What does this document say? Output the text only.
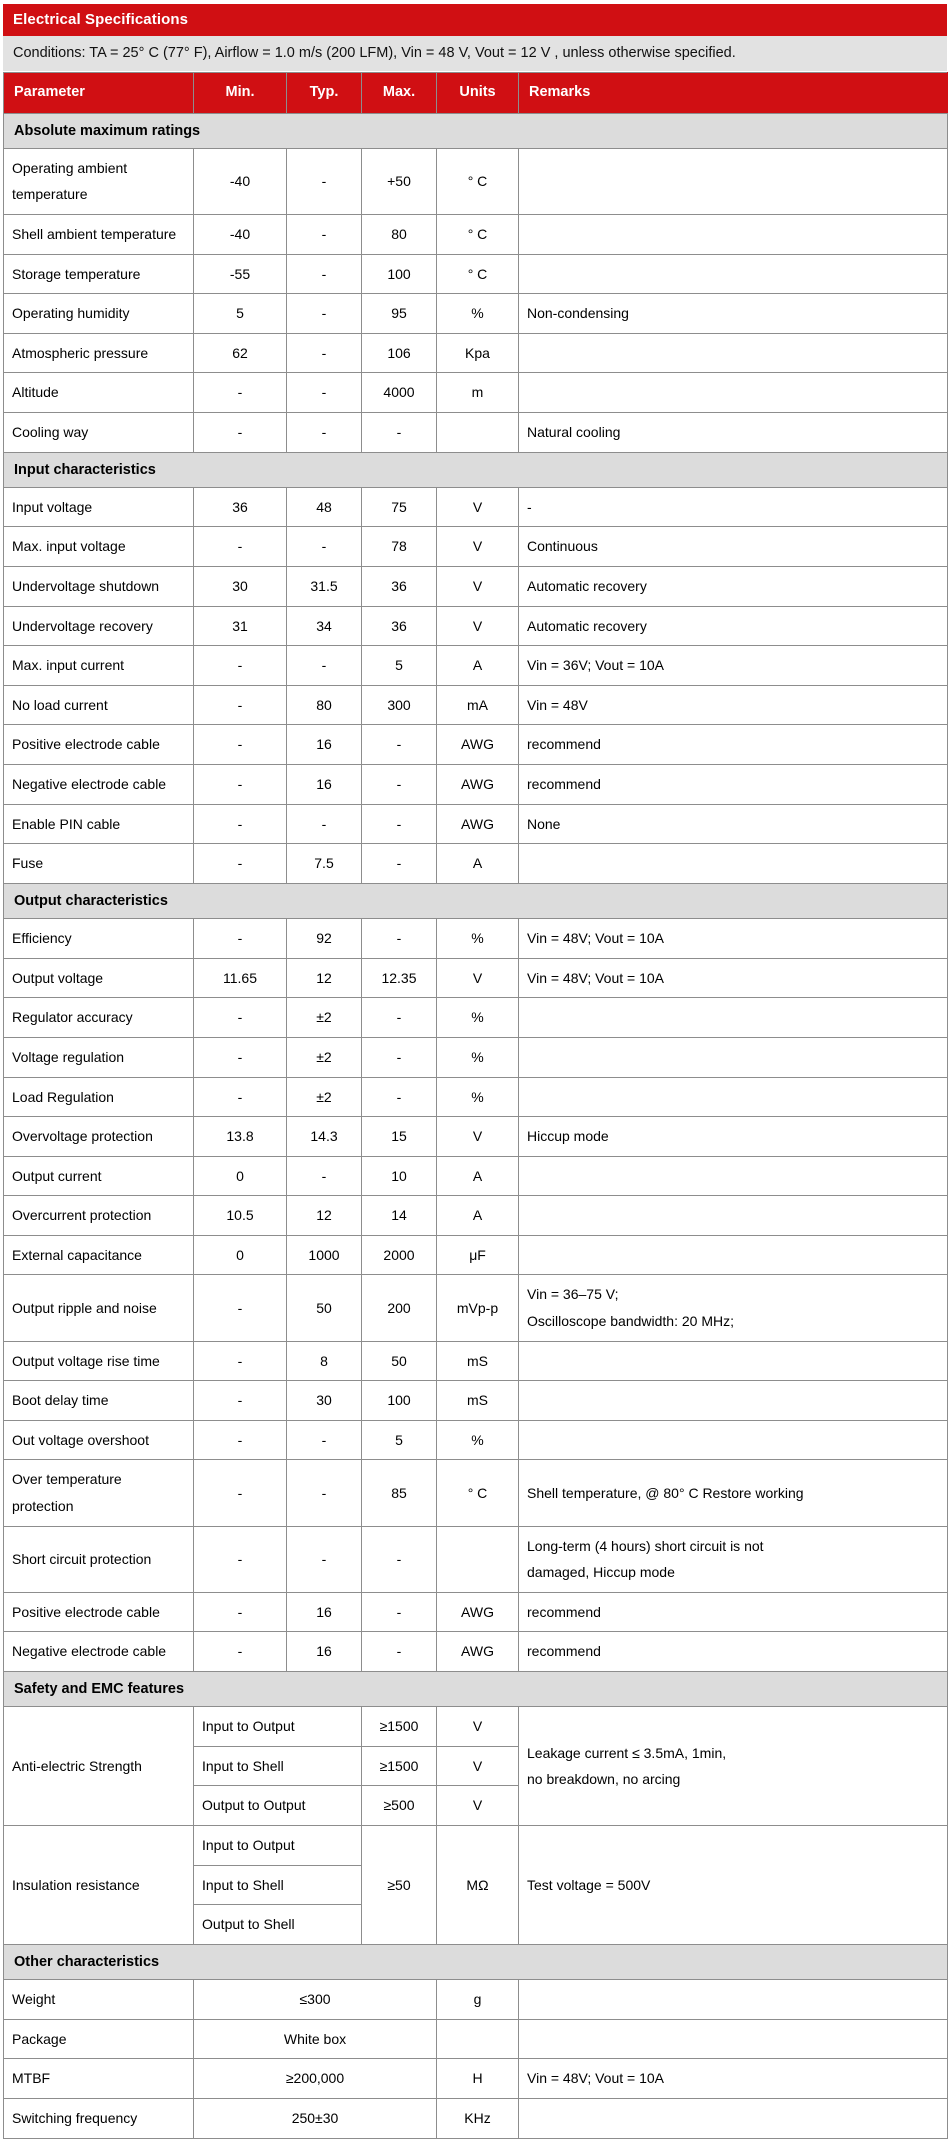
Electrical Specifications
Conditions: TA = 25° C (77° F), Airflow = 1.0 m/s (200 LFM), Vin = 48 V, Vout = 12 V , unless otherwise specified.
Parameter	Min.	Typ.	Max.	Units	Remarks
Absolute maximum ratings					
Operating ambient temperature	-40	-	+50	° C	
Shell ambient temperature	-40	-	80	° C	
Storage temperature	-55	-	100	° C	
Operating humidity	5	-	95	%	Non-condensing
Atmospheric pressure	62	-	106	Kpa	
Altitude	-	-	4000	m	
Cooling way	-	-	-		Natural cooling
Input characteristics					
Input voltage	36	48	75	V	-
Max. input voltage	-	-	78	V	Continuous
Undervoltage shutdown	30	31.5	36	V	Automatic recovery
Undervoltage recovery	31	34	36	V	Automatic recovery
Max. input current	-	-	5	A	Vin = 36V; Vout = 10A
No load current	-	80	300	mA	Vin = 48V
Positive electrode cable	-	16	-	AWG	recommend
Negative electrode cable	-	16	-	AWG	recommend
Enable PIN cable	-	-	-	AWG	None
Fuse	-	7.5	-	A	
Output characteristics					
Efficiency	-	92	-	%	Vin = 48V; Vout = 10A
Output voltage	11.65	12	12.35	V	Vin = 48V; Vout = 10A
Regulator accuracy	-	±2	-	%	
Voltage regulation	-	±2	-	%	
Load Regulation	-	±2	-	%	
Overvoltage protection	13.8	14.3	15	V	Hiccup mode
Output current	0	-	10	A	
Overcurrent protection	10.5	12	14	A	
External capacitance	0	1000	2000	μF	
Output ripple and noise	-	50	200	mVp-p	Vin = 36–75 V;
Oscilloscope bandwidth: 20 MHz;

Output voltage rise time	-	8	50	mS	
Boot delay time	-	30	100	mS	
Out voltage overshoot	-	-	5	%	
Over temperature protection	-	-	85	° C	Shell temperature, @ 80° C Restore working
Short circuit protection	-	-	-		Long-term (4 hours) short circuit is not
damaged, Hiccup mode

Positive electrode cable	-	16	-	AWG	recommend
Negative electrode cable	-	16	-	AWG	recommend
Safety and EMC features					
Anti-electric Strength	Input to Output		≥1500	V	Leakage current ≤ 3.5mA, 1min,
no breakdown, no arcing

	Input to Shell		≥1500	V	
	Output to Output		≥500	V	
Insulation resistance	Input to Output		≥50	MΩ	Test voltage = 500V
	Input to Shell				
	Output to Shell				
Other characteristics					
Weight	≤300			g	
Package	White box				
MTBF	≥200,000			H	Vin = 48V; Vout = 10A
Switching frequency	250±30			KHz	
